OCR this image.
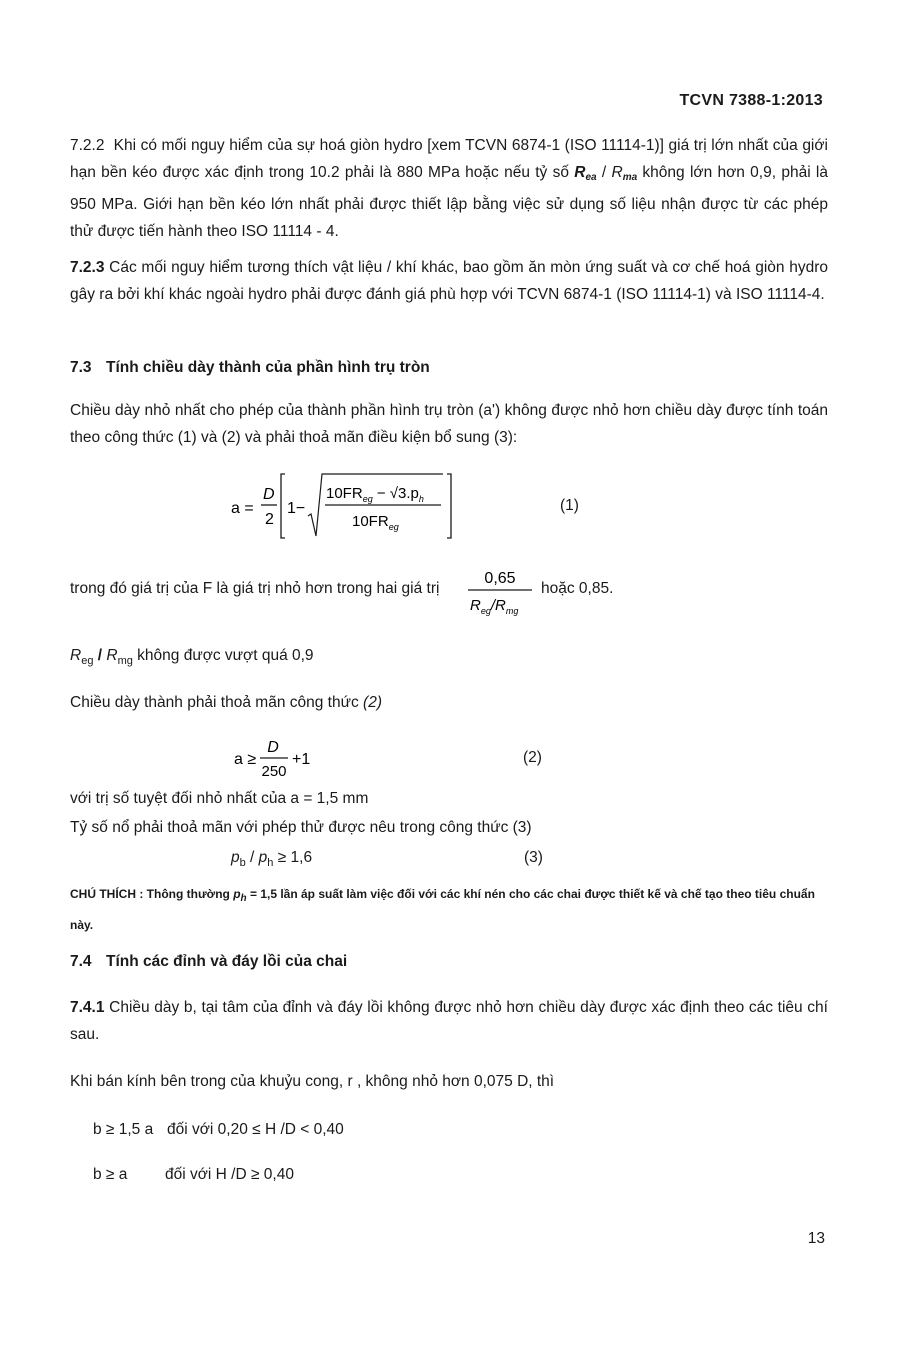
TCVN 7388-1:2013

7.2.2 Khi có mối nguy hiểm của sự hoá giòn hydro [xem TCVN 6874-1 (ISO 11114-1)] giá trị lớn nhất của giới hạn bền kéo được xác định trong 10.2 phải là 880 MPa hoặc nếu tỷ số $R_{ea} / R_{ma}$ không lớn hơn 0,9, phải là 950 MPa. Giới hạn bền kéo lớn nhất phải được thiết lập bằng việc sử dụng số liệu nhận được từ các phép thử được tiến hành theo ISO 11114 - 4.

7.2.3 Các mối nguy hiểm tương thích vật liệu / khí khác, bao gồm ăn mòn ứng suất và cơ chế hoá giòn hydro gây ra bởi khí khác ngoài hydro phải được đánh giá phù hợp với TCVN 6874-1 (ISO 11114-1) và ISO 11114-4.

7.3 Tính chiều dày thành của phần hình trụ tròn

Chiều dày nhỏ nhất cho phép của thành phần hình trụ tròn (a') không được nhỏ hơn chiều dày được tính toán theo công thức (1) và (2) và phải thoả mãn điều kiện bổ sung (3):

a =
D
2
1−
$10FR_{eg} - √3.p_h$
$10FR_{eg}$
(1)
trong đó giá trị của F là giá trị nhỏ hơn trong hai giá trị
0,65
$R_{eg}/R_{mg}$
hoặc 0,85.
$R_{eg} / R_{mg}$ không được vượt quá 0,9
Chiều dày thành phải thoả mãn công thức (2)
a ≥
D
250
+1	(2)
với trị số tuyệt đối nhỏ nhất của a = 1,5 mm
Tỷ số nổ phải thoả mãn với phép thử được nêu trong công thức (3)
$p_b / p_h \ge 1,6$	(3)

CHÚ THÍCH : Thông thường $p_h = 1,5$ lần áp suất làm việc đối với các khí nén cho các chai được thiết kế và chế tạo theo tiêu chuẩn này.

7.4 Tính các đỉnh và đáy lồi của chai

7.4.1 Chiều dày b, tại tâm của đỉnh và đáy lồi không được nhỏ hơn chiều dày được xác định theo các tiêu chí sau.

Khi bán kính bên trong của khuỷu cong, r , không nhỏ hơn 0,075 D, thì
b ≥ 1,5 a đối với 0,20 ≤ H /D < 0,40
b ≥ a đối với H /D ≥ 0,40
13
